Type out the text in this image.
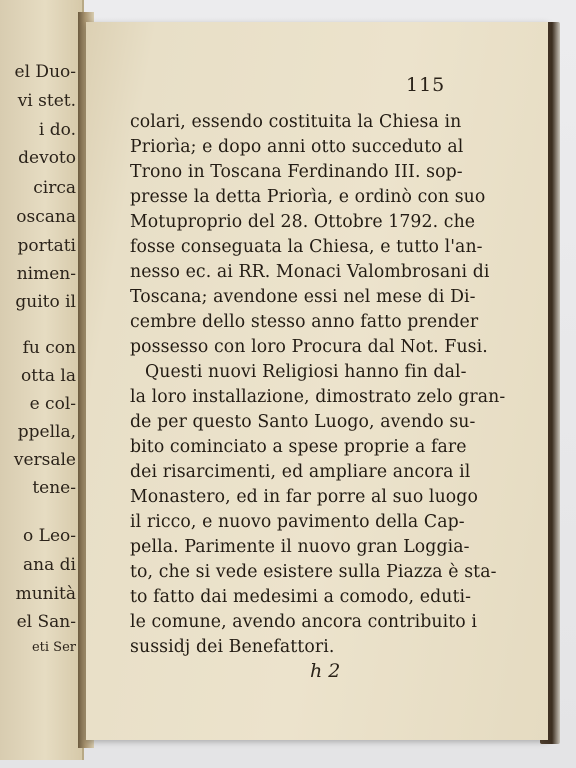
el Duo-
vi stet.
i do.
devoto
circa
oscana
portati
nimen-
guito il
fu con
otta la
e col-
ppella,
versale
tene-
o Leo-
ana di
munità
el San-
eti Ser
115
colari, essendo costituita la Chiesa in
Priorìa; e dopo anni otto succeduto al
Trono in Toscana Ferdinando III. sop-
presse la detta Priorìa, e ordinò con suo
Motuproprio del 28. Ottobre 1792. che
fosse conseguata la Chiesa, e tutto l'an-
nesso ec. ai RR. Monaci Valombrosani di
Toscana; avendone essi nel mese di Di-
cembre dello stesso anno fatto prender
possesso con loro Procura dal Not. Fusi.
Questi nuovi Religiosi hanno fin dal-
la loro installazione, dimostrato zelo gran-
de per questo Santo Luogo, avendo su-
bito cominciato a spese proprie a fare
dei risarcimenti, ed ampliare ancora il
Monastero, ed in far porre al suo luogo
il ricco, e nuovo pavimento della Cap-
pella. Parimente il nuovo gran Loggia-
to, che si vede esistere sulla Piazza è sta-
to fatto dai medesimi a comodo, eduti-
le comune, avendo ancora contribuito i
sussidj dei Benefattori.
h 2
